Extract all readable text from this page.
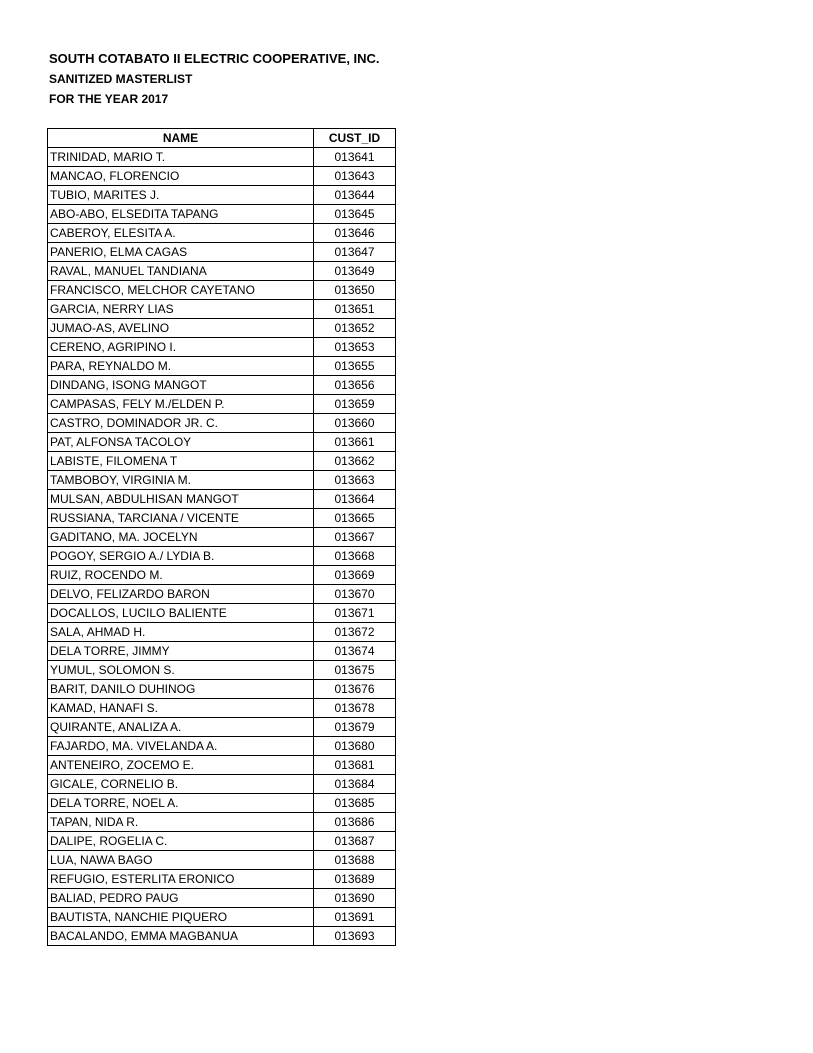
SOUTH COTABATO II ELECTRIC COOPERATIVE, INC.
SANITIZED MASTERLIST
FOR THE YEAR 2017
NAME	CUST_ID
TRINIDAD, MARIO T.	013641
MANCAO, FLORENCIO	013643
TUBIO, MARITES J.	013644
ABO-ABO, ELSEDITA TAPANG	013645
CABEROY, ELESITA A.	013646
PANERIO, ELMA CAGAS	013647
RAVAL, MANUEL TANDIANA	013649
FRANCISCO, MELCHOR CAYETANO	013650
GARCIA, NERRY LIAS	013651
JUMAO-AS, AVELINO	013652
CERENO, AGRIPINO I.	013653
PARA, REYNALDO M.	013655
DINDANG, ISONG MANGOT	013656
CAMPASAS, FELY M./ELDEN P.	013659
CASTRO, DOMINADOR JR. C.	013660
PAT, ALFONSA TACOLOY	013661
LABISTE, FILOMENA T	013662
TAMBOBOY, VIRGINIA M.	013663
MULSAN, ABDULHISAN MANGOT	013664
RUSSIANA, TARCIANA / VICENTE	013665
GADITANO, MA. JOCELYN	013667
POGOY, SERGIO A./ LYDIA B.	013668
RUIZ, ROCENDO M.	013669
DELVO, FELIZARDO BARON	013670
DOCALLOS, LUCILO BALIENTE	013671
SALA, AHMAD H.	013672
DELA TORRE, JIMMY	013674
YUMUL, SOLOMON S.	013675
BARIT, DANILO DUHINOG	013676
KAMAD, HANAFI S.	013678
QUIRANTE, ANALIZA A.	013679
FAJARDO, MA. VIVELANDA A.	013680
ANTENEIRO, ZOCEMO E.	013681
GICALE, CORNELIO B.	013684
DELA TORRE, NOEL A.	013685
TAPAN, NIDA R.	013686
DALIPE, ROGELIA C.	013687
LUA, NAWA BAGO	013688
REFUGIO, ESTERLITA ERONICO	013689
BALIAD, PEDRO PAUG	013690
BAUTISTA, NANCHIE PIQUERO	013691
BACALANDO, EMMA MAGBANUA	013693
